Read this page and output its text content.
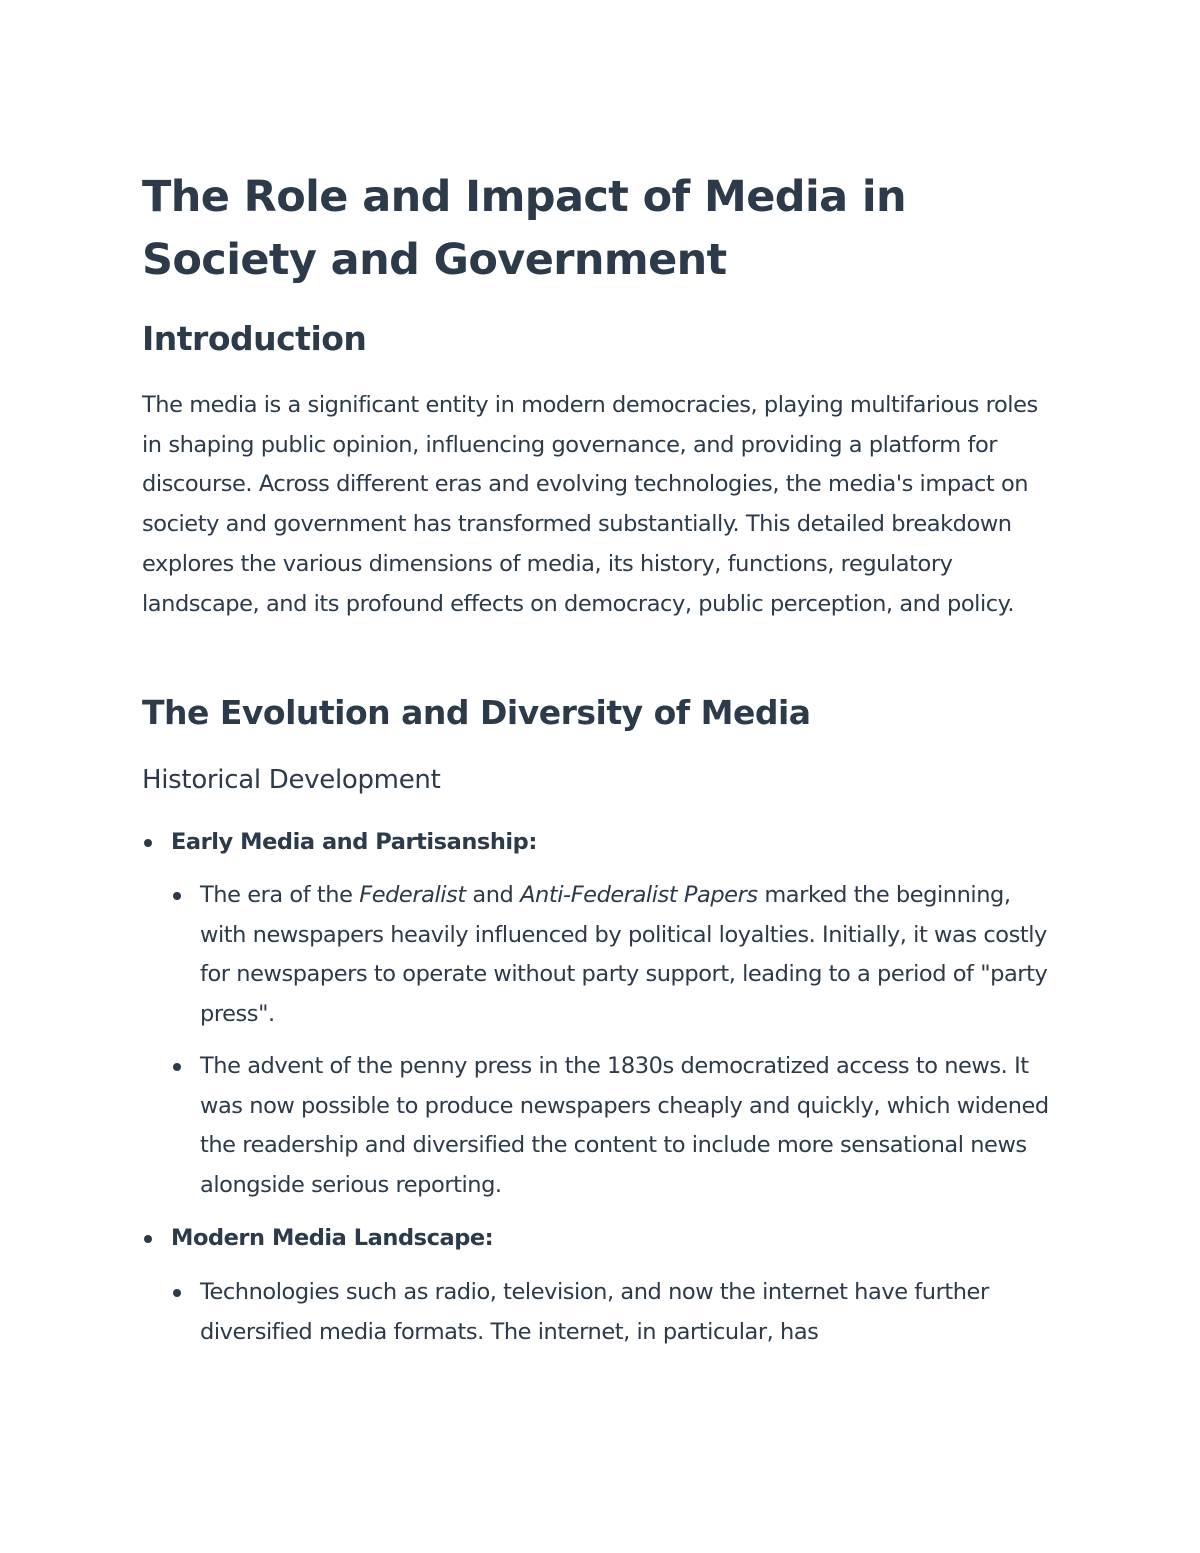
The Role and Impact of Media in Society and Government
Introduction

The media is a significant entity in modern democracies, playing multifarious roles in shaping public opinion, influencing governance, and providing a platform for discourse. Across different eras and evolving technologies, the media's impact on society and government has transformed substantially. This detailed breakdown explores the various dimensions of media, its history, functions, regulatory landscape, and its profound effects on democracy, public perception, and policy.

The Evolution and Diversity of Media
Historical Development
Early Media and Partisanship:
The era of the Federalist and Anti-Federalist Papers marked the beginning, with newspapers heavily influenced by political loyalties. Initially, it was costly for newspapers to operate without party support, leading to a period of "party press".
The advent of the penny press in the 1830s democratized access to news. It was now possible to produce newspapers cheaply and quickly, which widened the readership and diversified the content to include more sensational news alongside serious reporting.
Modern Media Landscape:
Technologies such as radio, television, and now the internet have further diversified media formats. The internet, in particular, has
